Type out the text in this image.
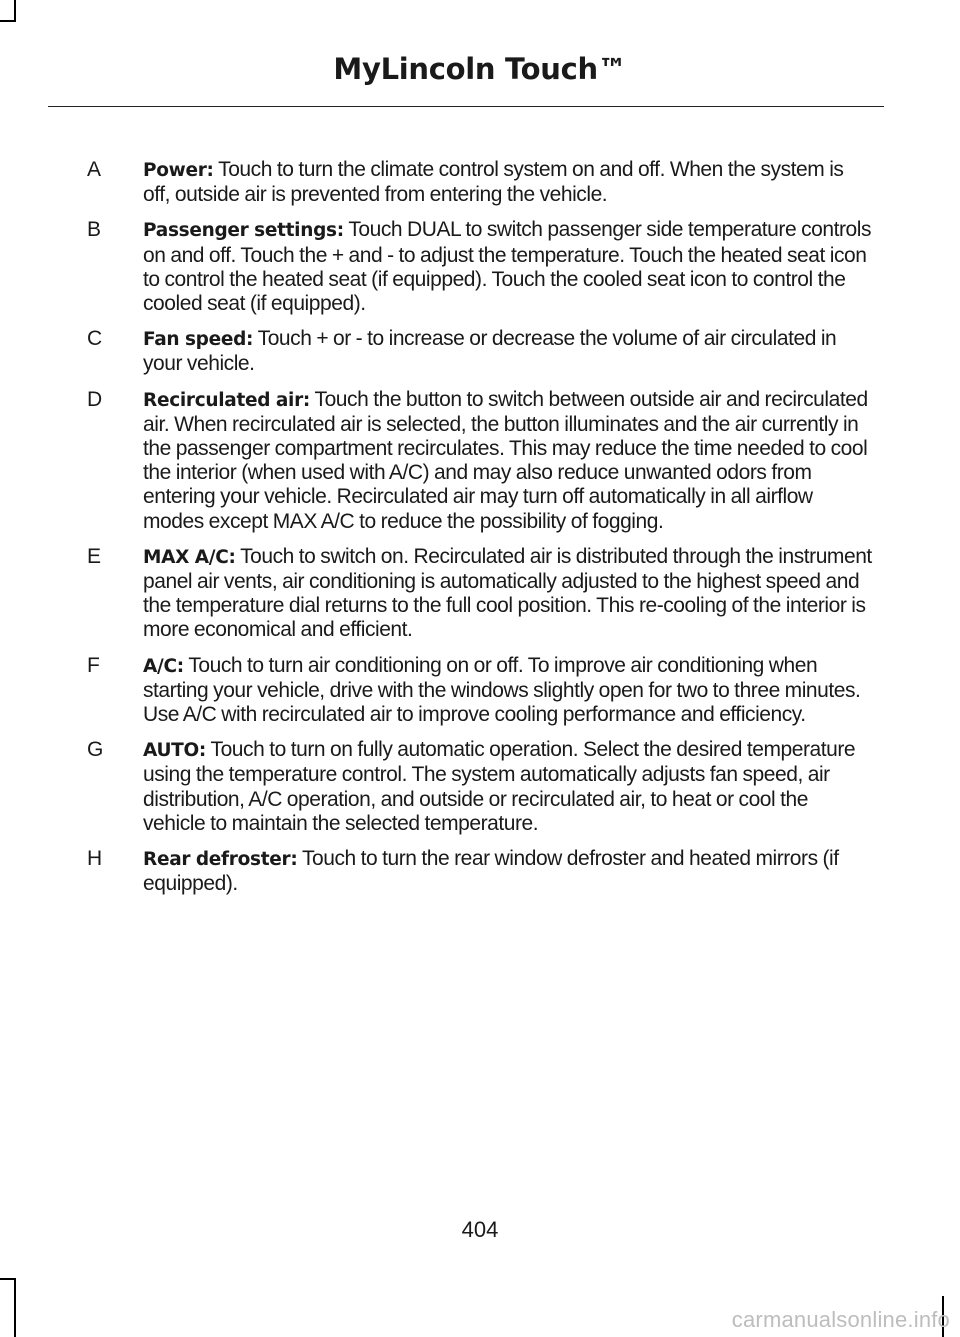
MyLincoln Touch™
A Power: Touch to turn the climate control system on and off. When the system is off, outside air is prevented from entering the vehicle.
B Passenger settings: Touch DUAL to switch passenger side temperature controls on and off. Touch the + and - to adjust the temperature. Touch the heated seat icon to control the heated seat (if equipped). Touch the cooled seat icon to control the cooled seat (if equipped).
C Fan speed: Touch + or - to increase or decrease the volume of air circulated in your vehicle.
D Recirculated air: Touch the button to switch between outside air and recirculated air. When recirculated air is selected, the button illuminates and the air currently in the passenger compartment recirculates. This may reduce the time needed to cool the interior (when used with A/C) and may also reduce unwanted odors from entering your vehicle. Recirculated air may turn off automatically in all airflow modes except MAX A/C to reduce the possibility of fogging.
E MAX A/C: Touch to switch on. Recirculated air is distributed through the instrument panel air vents, air conditioning is automatically adjusted to the highest speed and the temperature dial returns to the full cool position. This re-cooling of the interior is more economical and efficient.
F A/C: Touch to turn air conditioning on or off. To improve air conditioning when starting your vehicle, drive with the windows slightly open for two to three minutes. Use A/C with recirculated air to improve cooling performance and efficiency.
G AUTO: Touch to turn on fully automatic operation. Select the desired temperature using the temperature control. The system automatically adjusts fan speed, air distribution, A/C operation, and outside or recirculated air, to heat or cool the vehicle to maintain the selected temperature.
H Rear defroster: Touch to turn the rear window defroster and heated mirrors (if equipped).
404
carmanualsonline.info
